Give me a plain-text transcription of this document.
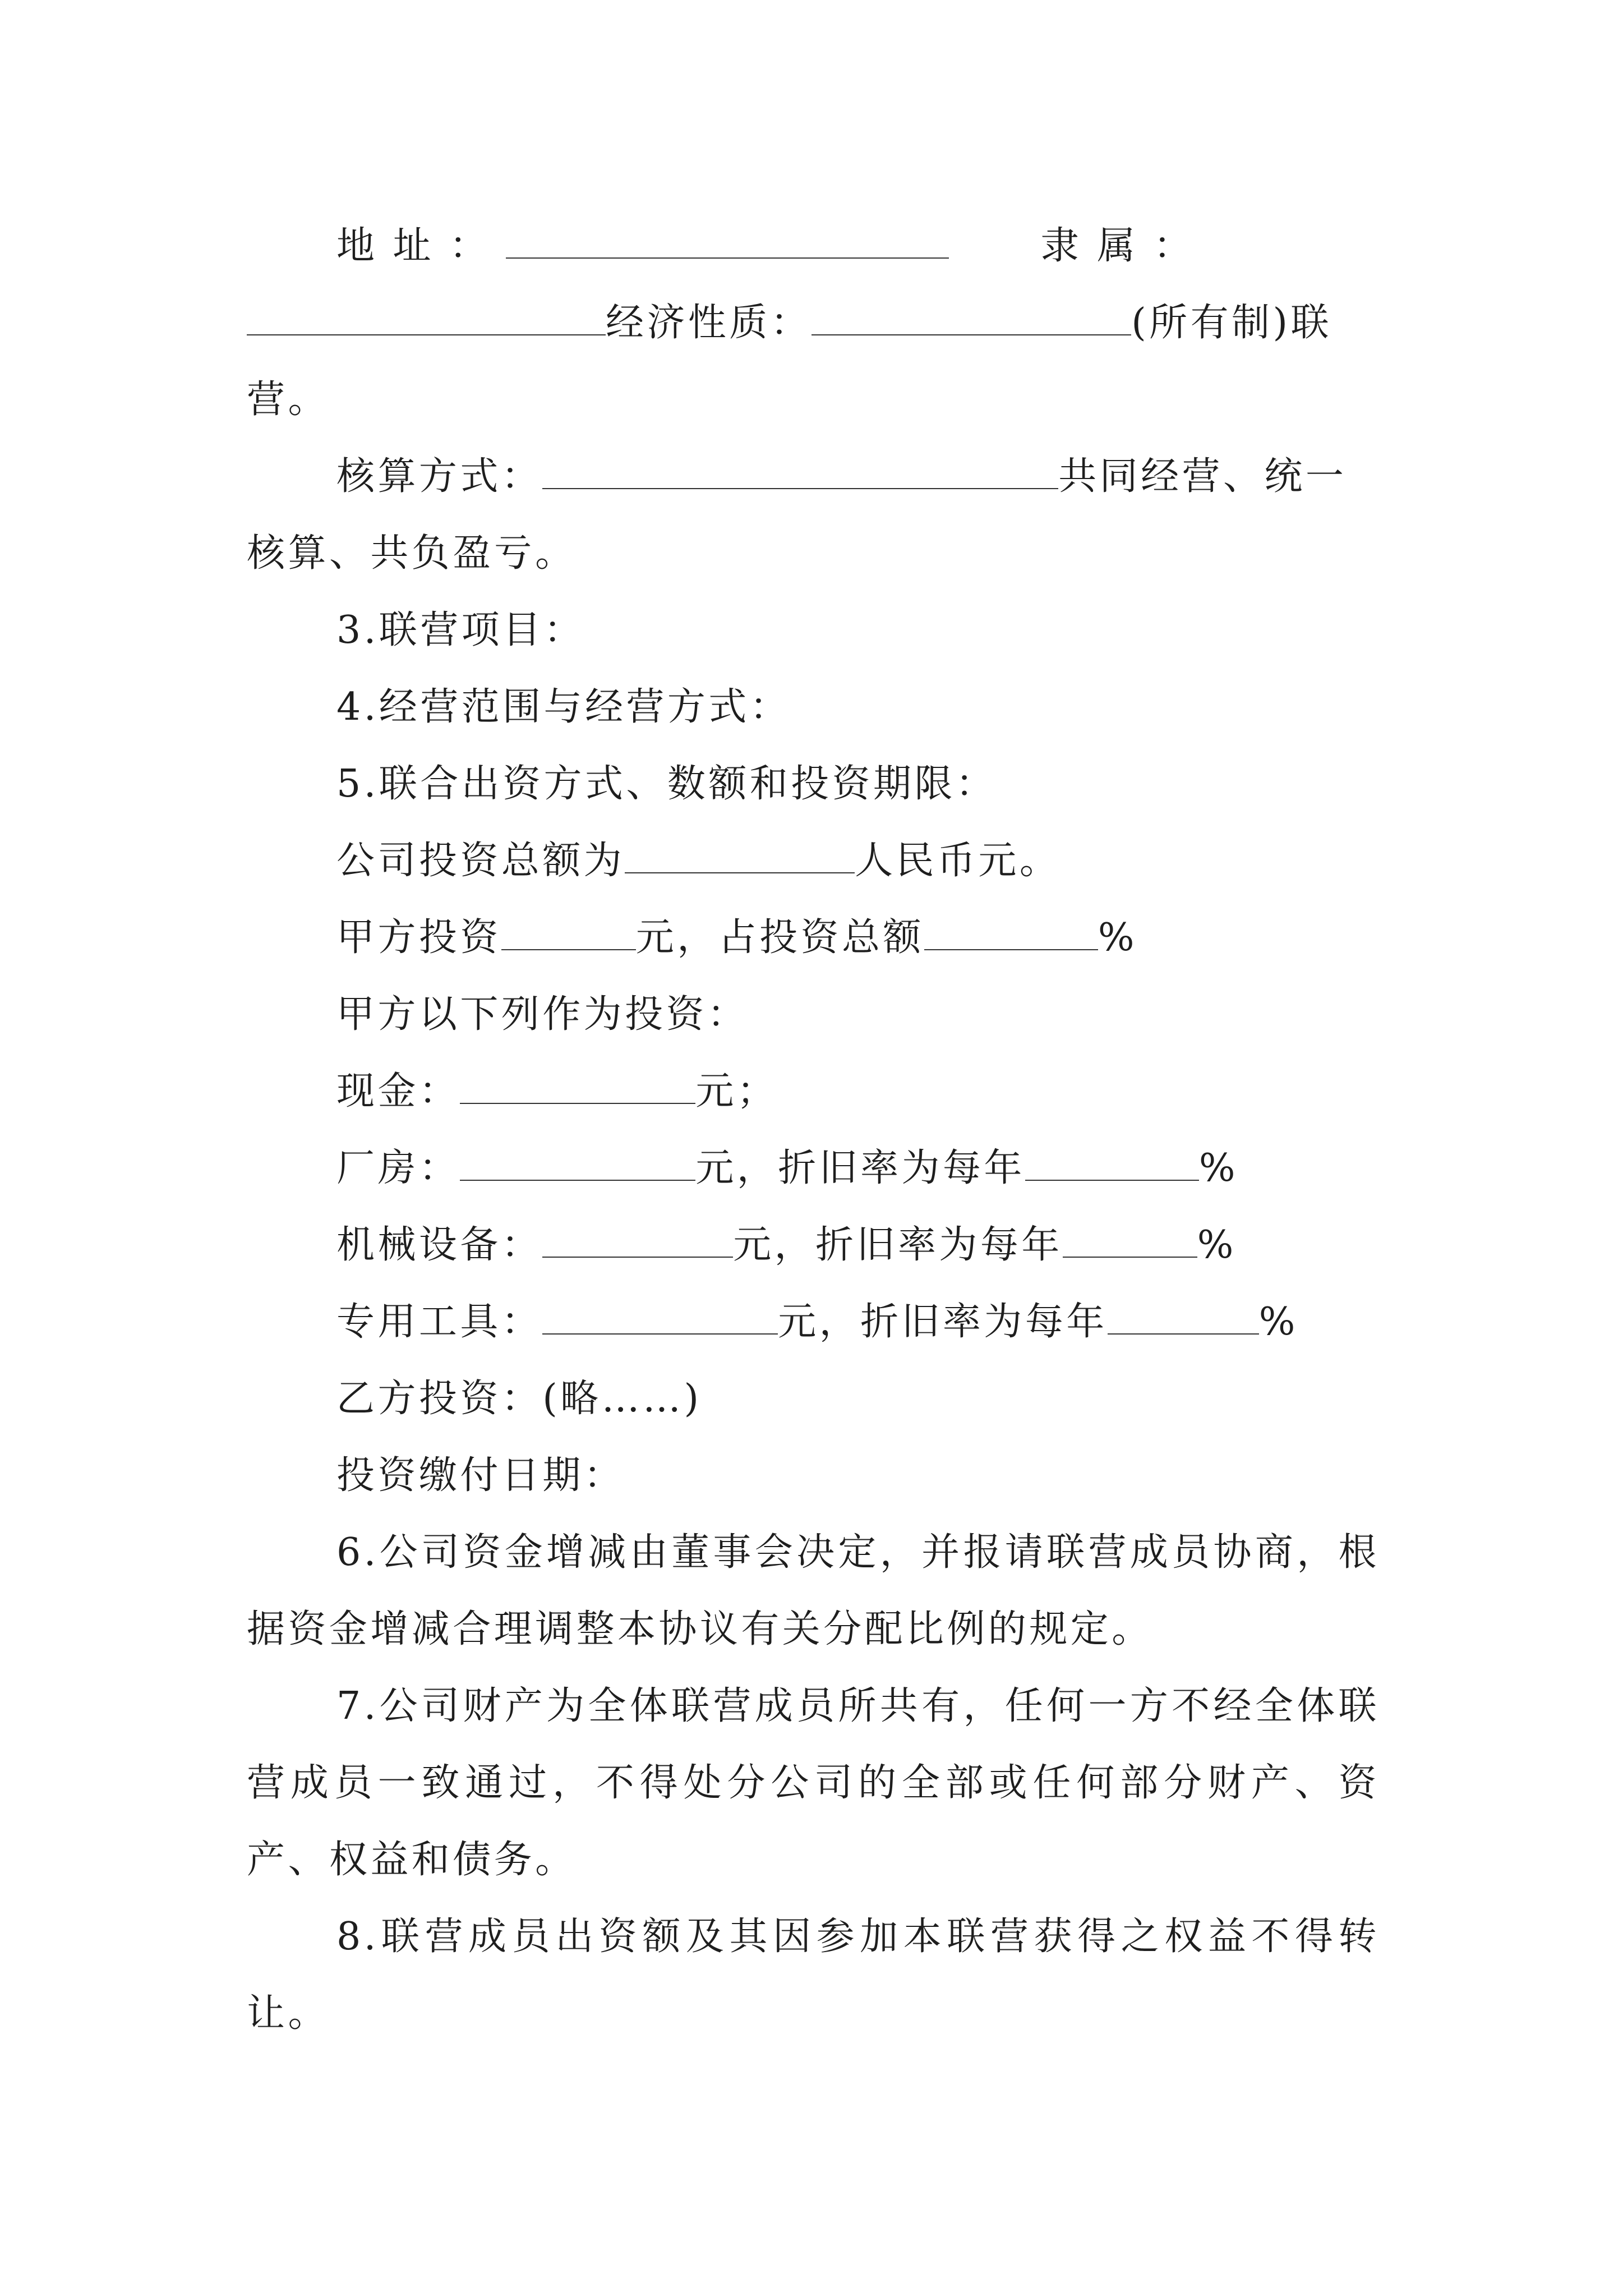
地 址 ：	隶 属 ：

经济性质：	(所有制)联

营。

核算方式：	共同经营、统一

核算、共负盈亏。

3.联营项目：

4.经营范围与经营方式：

5.联合出资方式、数额和投资期限：

公司投资总额为	人民币元。

甲方投资	元，占投资总额	%

甲方以下列作为投资：

现金：	元；

厂房：	元，折旧率为每年	%

机械设备：	元，折旧率为每年	%

专用工具：	元，折旧率为每年	%

乙方投资：(略……)

投资缴付日期：

6.公司资金增减由董事会决定，并报请联营成员协商，根据资金增减合理调整本协议有关分配比例的规定。

7.公司财产为全体联营成员所共有，任何一方不经全体联营成员一致通过，不得处分公司的全部或任何部分财产、资产、权益和债务。

8.联营成员出资额及其因参加本联营获得之权益不得转让。
